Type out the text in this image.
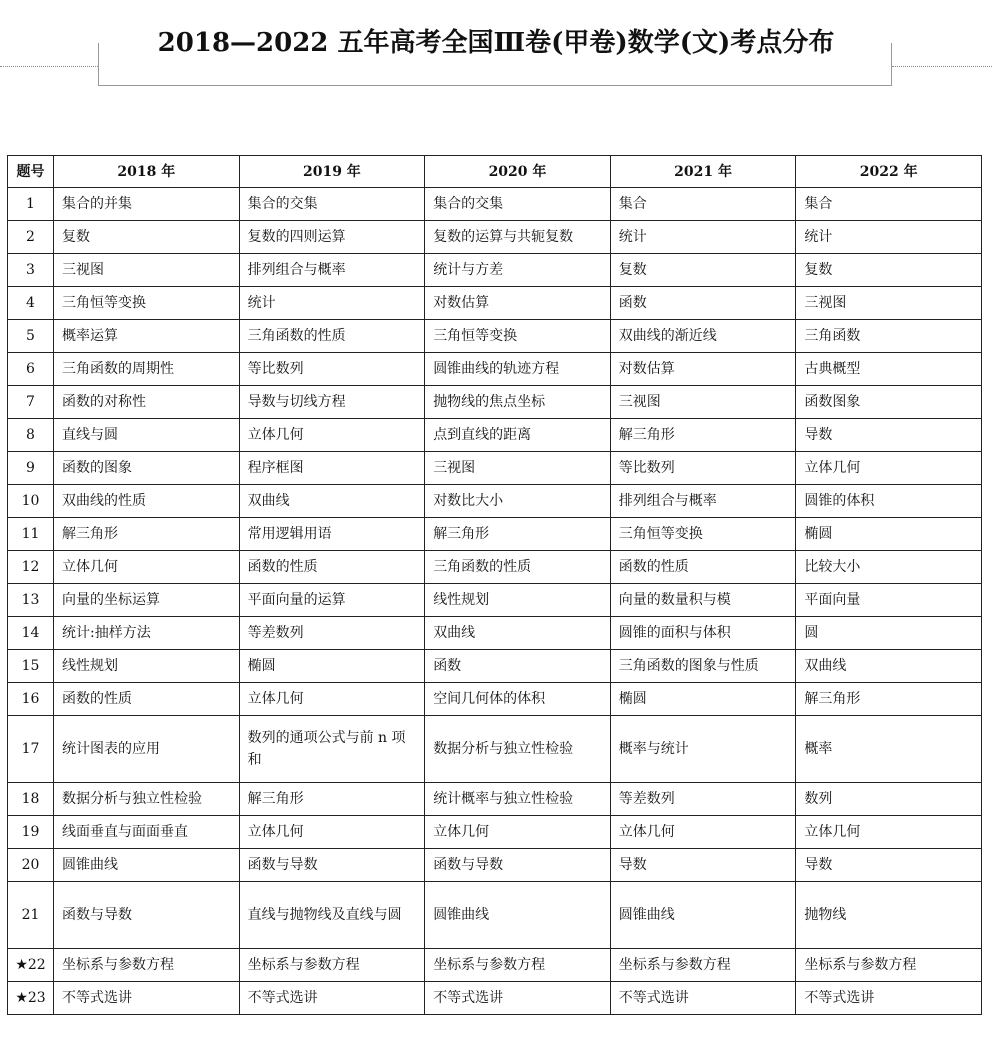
2018—2022 五年高考全国Ⅲ卷(甲卷)数学(文)考点分布
题号	2018 年	2019 年	2020 年	2021 年	2022 年
1	集合的并集	集合的交集	集合的交集	集合	集合
2	复数	复数的四则运算	复数的运算与共轭复数	统计	统计
3	三视图	排列组合与概率	统计与方差	复数	复数
4	三角恒等变换	统计	对数估算	函数	三视图
5	概率运算	三角函数的性质	三角恒等变换	双曲线的渐近线	三角函数
6	三角函数的周期性	等比数列	圆锥曲线的轨迹方程	对数估算	古典概型
7	函数的对称性	导数与切线方程	抛物线的焦点坐标	三视图	函数图象
8	直线与圆	立体几何	点到直线的距离	解三角形	导数
9	函数的图象	程序框图	三视图	等比数列	立体几何
10	双曲线的性质	双曲线	对数比大小	排列组合与概率	圆锥的体积
11	解三角形	常用逻辑用语	解三角形	三角恒等变换	椭圆
12	立体几何	函数的性质	三角函数的性质	函数的性质	比较大小
13	向量的坐标运算	平面向量的运算	线性规划	向量的数量积与模	平面向量
14	统计:抽样方法	等差数列	双曲线	圆锥的面积与体积	圆
15	线性规划	椭圆	函数	三角函数的图象与性质	双曲线
16	函数的性质	立体几何	空间几何体的体积	椭圆	解三角形
17	统计图表的应用	数列的通项公式与前 n 项和	数据分析与独立性检验	概率与统计	概率
18	数据分析与独立性检验	解三角形	统计概率与独立性检验	等差数列	数列
19	线面垂直与面面垂直	立体几何	立体几何	立体几何	立体几何
20	圆锥曲线	函数与导数	函数与导数	导数	导数
21	函数与导数	直线与抛物线及直线与圆	圆锥曲线	圆锥曲线	抛物线
★22	坐标系与参数方程	坐标系与参数方程	坐标系与参数方程	坐标系与参数方程	坐标系与参数方程
★23	不等式选讲	不等式选讲	不等式选讲	不等式选讲	不等式选讲
